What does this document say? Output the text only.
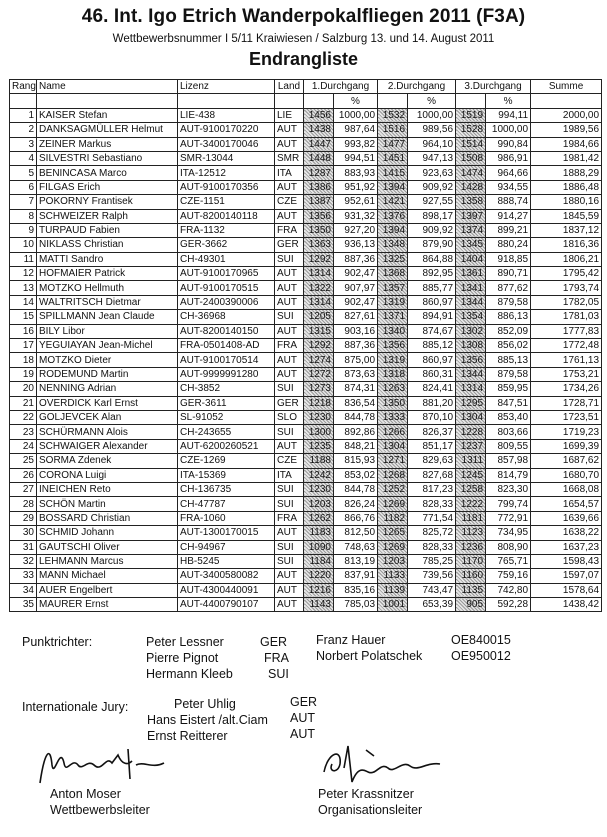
46. Int. Igo Etrich Wanderpokalfliegen 2011 (F3A)
Wettbewerbsnummer I 5/11 Kraiwiesen / Salzburg 13. und 14. August 2011
Endrangliste
Rang	Name	Lizenz	Land	1.Durchgang		2.Durchgang		3.Durchgang		Summe
					%		%		%	
1	KAISER Stefan	LIE-438	LIE	1456	1000,00	1532	1000,00	1519	994,11	2000,00
2	DANKSAGMÜLLER Helmut	AUT-9100170220	AUT	1438	987,64	1516	989,56	1528	1000,00	1989,56
3	ZEINER Markus	AUT-3400170046	AUT	1447	993,82	1477	964,10	1514	990,84	1984,66
4	SILVESTRI Sebastiano	SMR-13044	SMR	1448	994,51	1451	947,13	1508	986,91	1981,42
5	BENINCASA Marco	ITA-12512	ITA	1287	883,93	1415	923,63	1474	964,66	1888,29
6	FILGAS Erich	AUT-9100170356	AUT	1386	951,92	1394	909,92	1428	934,55	1886,48
7	POKORNY Frantisek	CZE-1151	CZE	1387	952,61	1421	927,55	1358	888,74	1880,16
8	SCHWEIZER Ralph	AUT-8200140118	AUT	1356	931,32	1376	898,17	1397	914,27	1845,59
9	TURPAUD Fabien	FRA-1132	FRA	1350	927,20	1394	909,92	1374	899,21	1837,12
10	NIKLASS Christian	GER-3662	GER	1363	936,13	1348	879,90	1345	880,24	1816,36
11	MATTI Sandro	CH-49301	SUI	1292	887,36	1325	864,88	1404	918,85	1806,21
12	HOFMAIER Patrick	AUT-9100170965	AUT	1314	902,47	1368	892,95	1361	890,71	1795,42
13	MOTZKO Hellmuth	AUT-9100170515	AUT	1322	907,97	1357	885,77	1341	877,62	1793,74
14	WALTRITSCH Dietmar	AUT-2400390006	AUT	1314	902,47	1319	860,97	1344	879,58	1782,05
15	SPILLMANN Jean Claude	CH-36968	SUI	1205	827,61	1371	894,91	1354	886,13	1781,03
16	BILY Libor	AUT-8200140150	AUT	1315	903,16	1340	874,67	1302	852,09	1777,83
17	YEGUIAYAN Jean-Michel	FRA-0501408-AD	FRA	1292	887,36	1356	885,12	1308	856,02	1772,48
18	MOTZKO Dieter	AUT-9100170514	AUT	1274	875,00	1319	860,97	1356	885,13	1761,13
19	RODEMUND Martin	AUT-9999991280	AUT	1272	873,63	1318	860,31	1344	879,58	1753,21
20	NENNING Adrian	CH-3852	SUI	1273	874,31	1263	824,41	1314	859,95	1734,26
21	OVERDICK Karl Ernst	GER-3611	GER	1218	836,54	1350	881,20	1295	847,51	1728,71
22	GOLJEVCEK Alan	SL-91052	SLO	1230	844,78	1333	870,10	1304	853,40	1723,51
23	SCHÜRMANN Alois	CH-243655	SUI	1300	892,86	1266	826,37	1228	803,66	1719,23
24	SCHWAIGER Alexander	AUT-6200260521	AUT	1235	848,21	1304	851,17	1237	809,55	1699,39
25	SORMA Zdenek	CZE-1269	CZE	1188	815,93	1271	829,63	1311	857,98	1687,62
26	CORONA Luigi	ITA-15369	ITA	1242	853,02	1268	827,68	1245	814,79	1680,70
27	INEICHEN Reto	CH-136735	SUI	1230	844,78	1252	817,23	1258	823,30	1668,08
28	SCHÖN Martin	CH-47787	SUI	1203	826,24	1269	828,33	1222	799,74	1654,57
29	BOSSARD Christian	FRA-1060	FRA	1262	866,76	1182	771,54	1181	772,91	1639,66
30	SCHMID Johann	AUT-1300170015	AUT	1183	812,50	1265	825,72	1123	734,95	1638,22
31	GAUTSCHI Oliver	CH-94967	SUI	1090	748,63	1269	828,33	1236	808,90	1637,23
32	LEHMANN Marcus	HB-5245	SUI	1184	813,19	1203	785,25	1170	765,71	1598,43
33	MANN Michael	AUT-3400580082	AUT	1220	837,91	1133	739,56	1160	759,16	1597,07
34	AUER Engelbert	AUT-4300440091	AUT	1216	835,16	1139	743,47	1135	742,80	1578,64
35	MAURER Ernst	AUT-4400790107	AUT	1143	785,03	1001	653,39	905	592,28	1438,42
Punktrichter:	Peter Lessner	GER
Pierre Pignot	FRA
Hermann Kleeb	SUI
Franz Hauer	OE840015
Norbert Polatschek OE950012
Internationale Jury:	Peter Uhlig	GER
Hans Eistert /alt.Ciam AUT
Ernst Reitterer	AUT
Anton Moser
Wettbewerbsleiter
Peter Krassnitzer
Organisationsleiter
